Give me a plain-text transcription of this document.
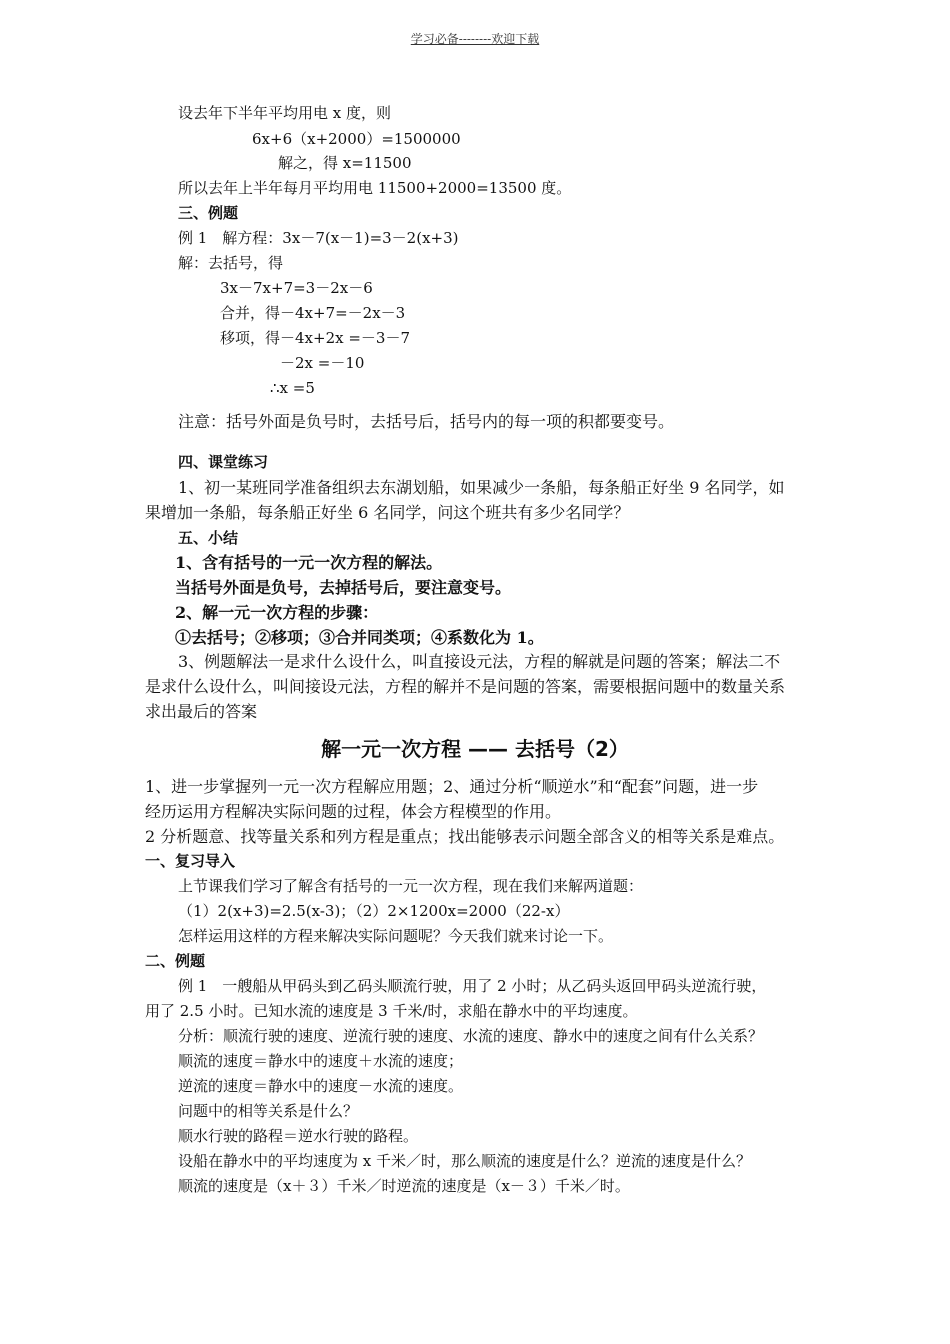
学习必备--------欢迎下载
设去年下半年平均用电 x 度，则
6x+6（x+2000）=1500000
解之，得 x=11500
所以去年上半年每月平均用电 11500+2000=13500 度。
三、例题
例 1　解方程：3x－7(x－1)=3－2(x+3)
解：去括号，得
3x－7x+7=3－2x－6
合并，得－4x+7=－2x－3
移项，得－4x+2x =－3－7
－2x =－10
∴x =5
注意：括号外面是负号时，去括号后，括号内的每一项的积都要变号。
四、课堂练习
1、初一某班同学准备组织去东湖划船，如果减少一条船，每条船正好坐 9 名同学，如
果增加一条船，每条船正好坐 6 名同学，问这个班共有多少名同学？
五、小结
1、含有括号的一元一次方程的解法。
当括号外面是负号，去掉括号后，要注意变号。
2、解一元一次方程的步骤：
①去括号；②移项；③合并同类项；④系数化为 1。
3、例题解法一是求什么设什么，叫直接设元法，方程的解就是问题的答案；解法二不
是求什么设什么，叫间接设元法，方程的解并不是问题的答案，需要根据问题中的数量关系
求出最后的答案
解一元一次方程 —— 去括号（2）
1、进一步掌握列一元一次方程解应用题；2、通过分析“顺逆水”和“配套”问题，进一步
经历运用方程解决实际问题的过程，体会方程模型的作用。
2 分析题意、找等量关系和列方程是重点；找出能够表示问题全部含义的相等关系是难点。
一、复习导入
上节课我们学习了解含有括号的一元一次方程，现在我们来解两道题：
（1）2(x+3)=2.5(x-3)；（2）2×1200x=2000（22-x）
怎样运用这样的方程来解决实际问题呢？今天我们就来讨论一下。
二、例题
例 1　一艘船从甲码头到乙码头顺流行驶，用了 2 小时；从乙码头返回甲码头逆流行驶，
用了 2.5 小时。已知水流的速度是 3 千米/时，求船在静水中的平均速度。
分析：顺流行驶的速度、逆流行驶的速度、水流的速度、静水中的速度之间有什么关系？
顺流的速度＝静水中的速度＋水流的速度；
逆流的速度＝静水中的速度－水流的速度。
问题中的相等关系是什么？
顺水行驶的路程＝逆水行驶的路程。
设船在静水中的平均速度为 x 千米／时，那么顺流的速度是什么？逆流的速度是什么？
顺流的速度是（x＋３）千米／时逆流的速度是（x－３）千米／时。
